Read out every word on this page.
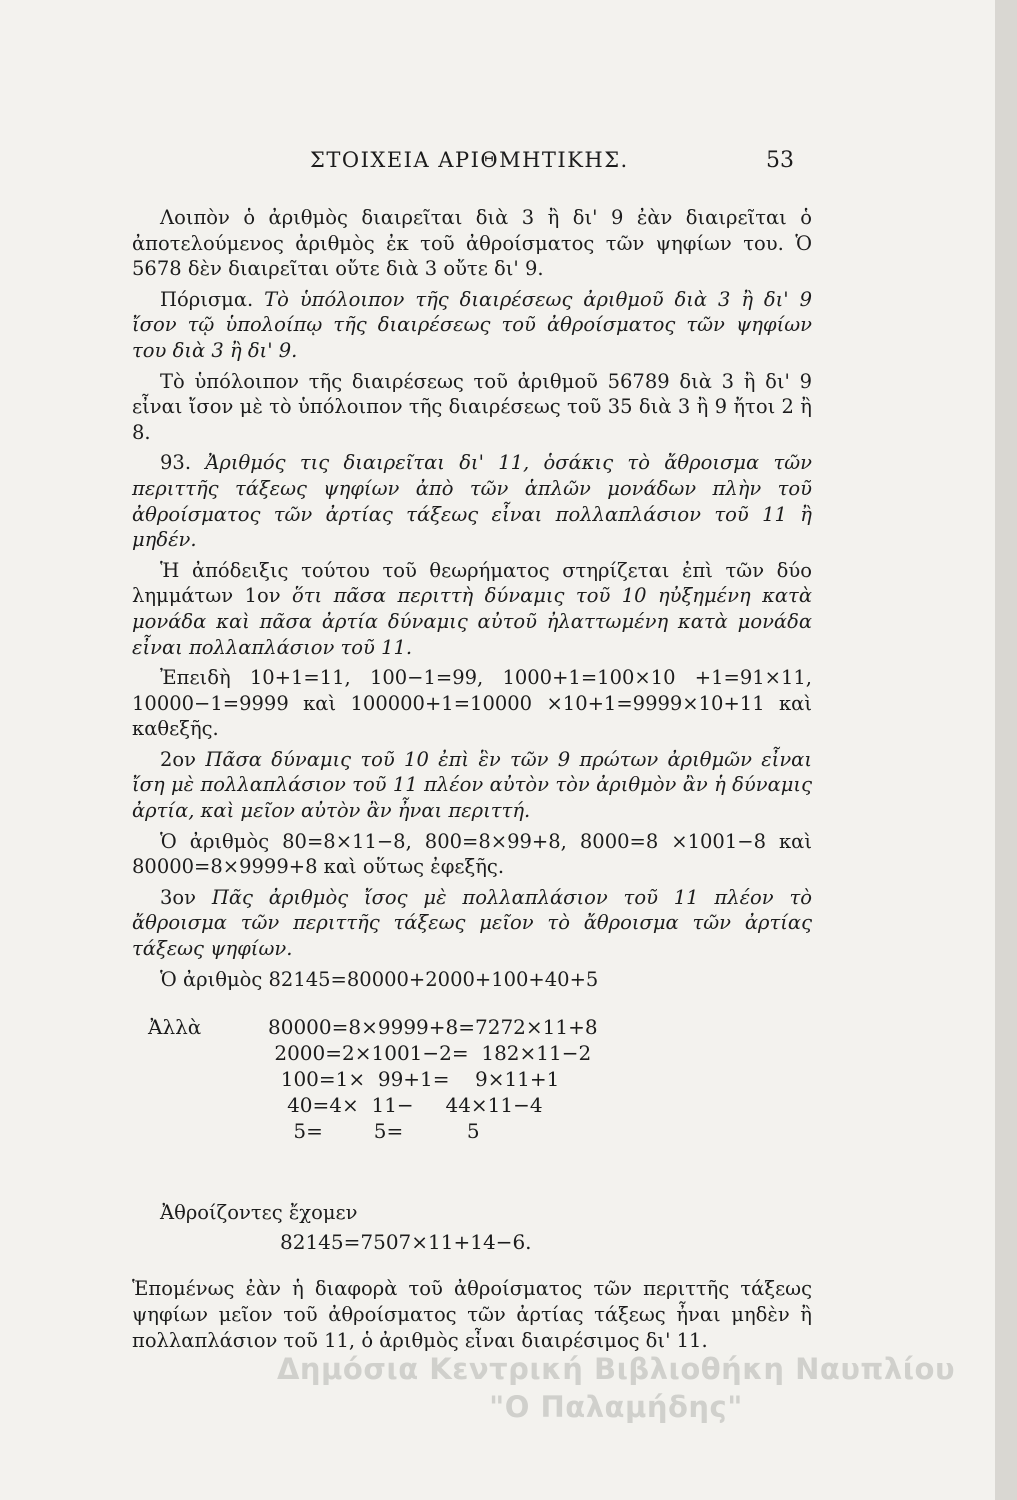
ΣΤΟΙΧΕΙΑ ΑΡΙΘΜΗΤΙΚΗΣ.	53

Λοιπὸν ὁ ἀριθμὸς διαιρεῖται διὰ 3 ἢ δι' 9 ἐὰν διαιρεῖται ὁ ἀποτελούμενος ἀριθμὸς ἐκ τοῦ ἀθροίσματος τῶν ψηφίων του. Ὁ 5678 δὲν διαιρεῖται οὔτε διὰ 3 οὔτε δι' 9.

Πόρισμα. Τὸ ὑπόλοιπον τῆς διαιρέσεως ἀριθμοῦ διὰ 3 ἢ δι' 9 ἴσον τῷ ὑπολοίπῳ τῆς διαιρέσεως τοῦ ἀθροίσματος τῶν ψηφίων του διὰ 3 ἢ δι' 9.

Τὸ ὑπόλοιπον τῆς διαιρέσεως τοῦ ἀριθμοῦ 56789 διὰ 3 ἢ δι' 9 εἶναι ἴσον μὲ τὸ ὑπόλοιπον τῆς διαιρέσεως τοῦ 35 διὰ 3 ἢ 9 ἤτοι 2 ἢ 8.

93. Ἀριθμός τις διαιρεῖται δι' 11, ὁσάκις τὸ ἄθροισμα τῶν περιττῆς τάξεως ψηφίων ἀπὸ τῶν ἁπλῶν μονάδων πλὴν τοῦ ἀθροίσματος τῶν ἀρτίας τάξεως εἶναι πολλαπλάσιον τοῦ 11 ἢ μηδέν.

Ἡ ἀπόδειξις τούτου τοῦ θεωρήματος στηρίζεται ἐπὶ τῶν δύο λημμάτων 1ον ὅτι πᾶσα περιττὴ δύναμις τοῦ 10 ηὐξημένη κατὰ μονάδα καὶ πᾶσα ἀρτία δύναμις αὐτοῦ ἠλαττωμένη κατὰ μονάδα εἶναι πολλαπλάσιον τοῦ 11.

Ἐπειδὴ 10+1=11, 100−1=99, 1000+1=100×10 +1=91×11, 10000−1=9999 καὶ 100000+1=10000 ×10+1=9999×10+11 καὶ καθεξῆς.

2ον Πᾶσα δύναμις τοῦ 10 ἐπὶ ἓν τῶν 9 πρώτων ἀριθμῶν εἶναι ἴση μὲ πολλαπλάσιον τοῦ 11 πλέον αὐτὸν τὸν ἀριθμὸν ἂν ἡ δύναμις ἀρτία, καὶ μεῖον αὐτὸν ἂν ἦναι περιττή.

Ὁ ἀριθμὸς 80=8×11−8, 800=8×99+8, 8000=8 ×1001−8 καὶ 80000=8×9999+8 καὶ οὕτως ἐφεξῆς.

3ον Πᾶς ἀριθμὸς ἴσος μὲ πολλαπλάσιον τοῦ 11 πλέον τὸ ἄθροισμα τῶν περιττῆς τάξεως μεῖον τὸ ἄθροισμα τῶν ἀρτίας τάξεως ψηφίων.

Ὁ ἀριθμὸς 82145=80000+2000+100+40+5

Ἀλλὰ	80000=8×9999+8=7272×11+8
2000=2×1001−2=  182×11−2
100=1×  99+1=    9×11+1
40=4×  11−     44×11−4
5=        5=          5

Ἀθροίζοντες ἔχομεν

82145=7507×11+14−6.

Ἑπομένως ἐὰν ἡ διαφορὰ τοῦ ἀθροίσματος τῶν περιττῆς τάξεως ψηφίων μεῖον τοῦ ἀθροίσματος τῶν ἀρτίας τάξεως ἦναι μηδὲν ἢ πολλαπλάσιον τοῦ 11, ὁ ἀριθμὸς εἶναι διαιρέσιμος δι' 11.
Δημόσια Κεντρική Βιβλιοθήκη Ναυπλίου
"Ο Παλαμήδης"
